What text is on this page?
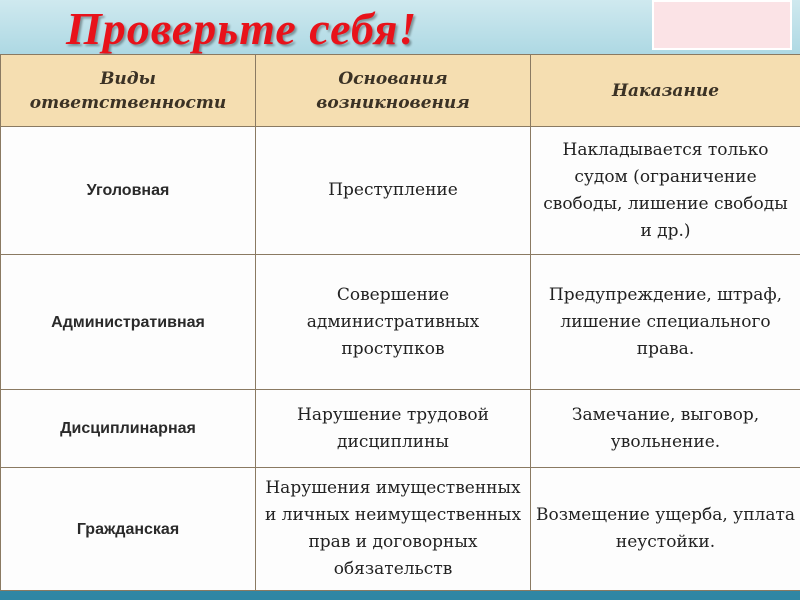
Проверьте себя!
Виды ответственности	Основания возникновения	Наказание
Уголовная	Преступление	Накладывается только судом (ограничение свободы, лишение свободы и др.)
Административная	Совершение административных проступков	Предупреждение, штраф, лишение специального права.
Дисциплинарная	Нарушение трудовой дисциплины	Замечание, выговор, увольнение.
Гражданская	Нарушения имущественных и личных неимущественных прав и договорных обязательств	Возмещение ущерба, уплата неустойки.
